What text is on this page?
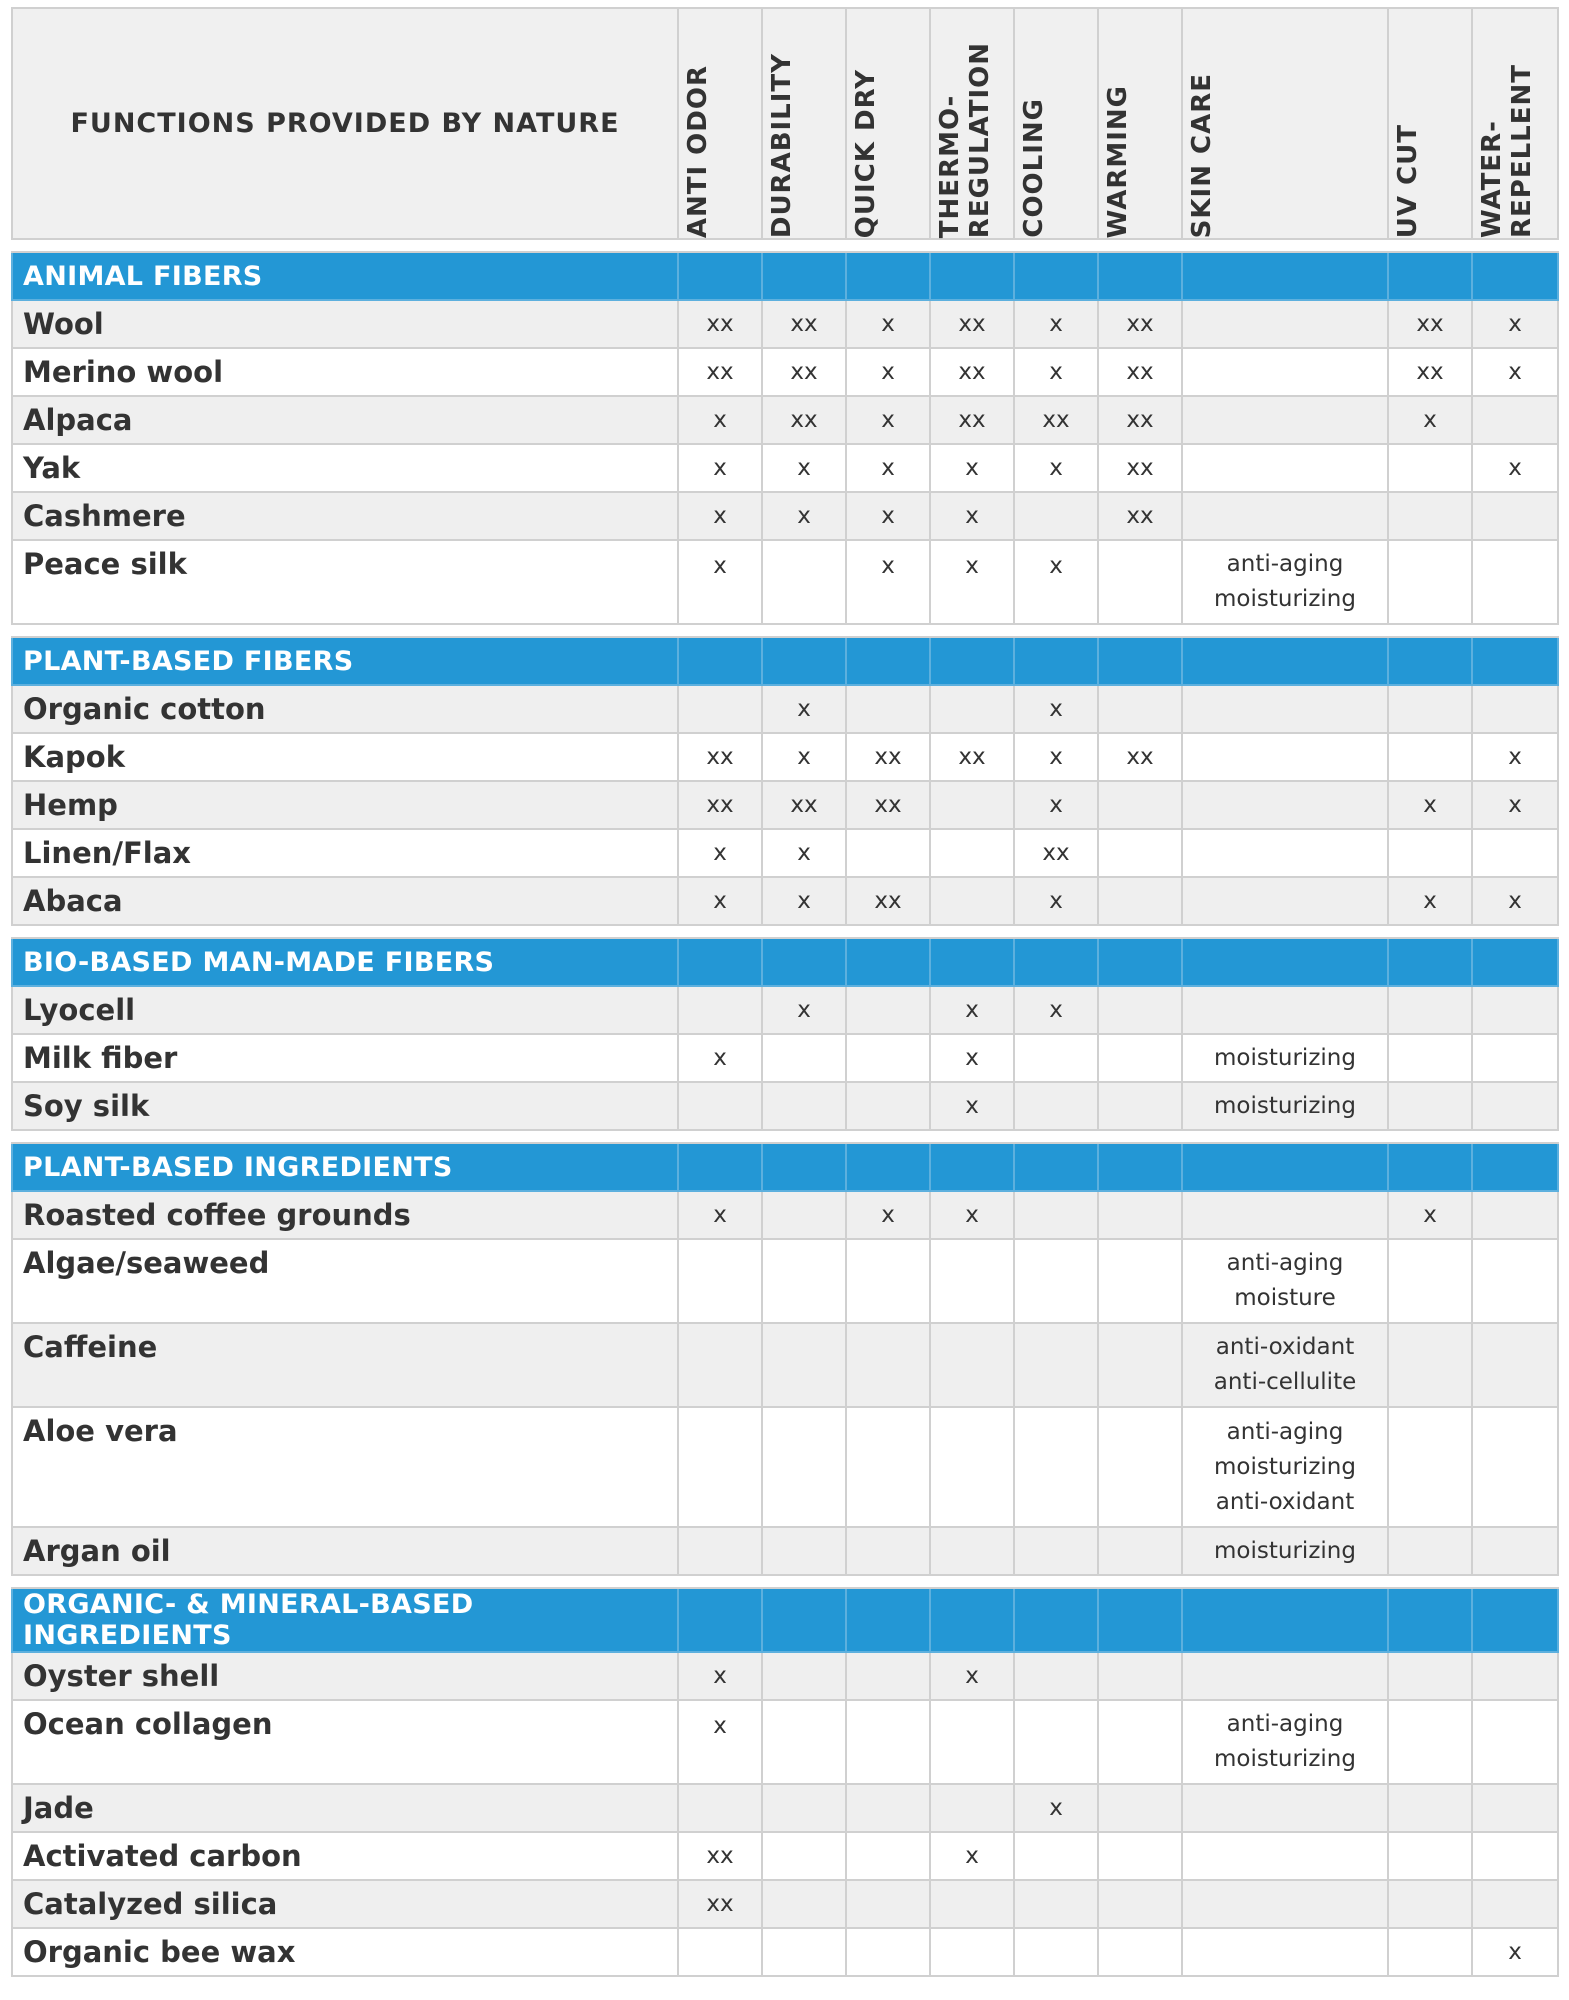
FUNCTIONS PROVIDED BY NATURE	ANTI ODOR	DURABILITY	QUICK DRY	THERMO-
REGULATION	COOLING	WARMING	SKIN CARE	UV CUT	WATER-
REPELLENT

ANIMAL FIBERS									
Wool	xx	xx	x	xx	x	xx		xx	x
Merino wool	xx	xx	x	xx	x	xx		xx	x
Alpaca	x	xx	x	xx	xx	xx		x	
Yak	x	x	x	x	x	xx			x
Cashmere	x	x	x	x		xx			
Peace silk	x		x	x	x		anti-aging
moisturizing		

PLANT-BASED FIBERS									
Organic cotton		x			x				
Kapok	xx	x	xx	xx	x	xx			x
Hemp	xx	xx	xx		x			x	x
Linen/Flax	x	x			xx				
Abaca	x	x	xx		x			x	x

BIO-BASED MAN-MADE FIBERS									
Lyocell		x		x	x				
Milk fiber	x			x			moisturizing		
Soy silk				x			moisturizing		

PLANT-BASED INGREDIENTS									
Roasted coffee grounds	x		x	x				x	
Algae/seaweed							anti-aging
moisture		
Caffeine							anti-oxidant
anti-cellulite		
Aloe vera							anti-aging
moisturizing
anti-oxidant		
Argan oil							moisturizing		

ORGANIC- & MINERAL-BASED INGREDIENTS									
Oyster shell	x			x					
Ocean collagen	x						anti-aging
moisturizing		
Jade					x				
Activated carbon	xx			x					
Catalyzed silica	xx								
Organic bee wax									x
